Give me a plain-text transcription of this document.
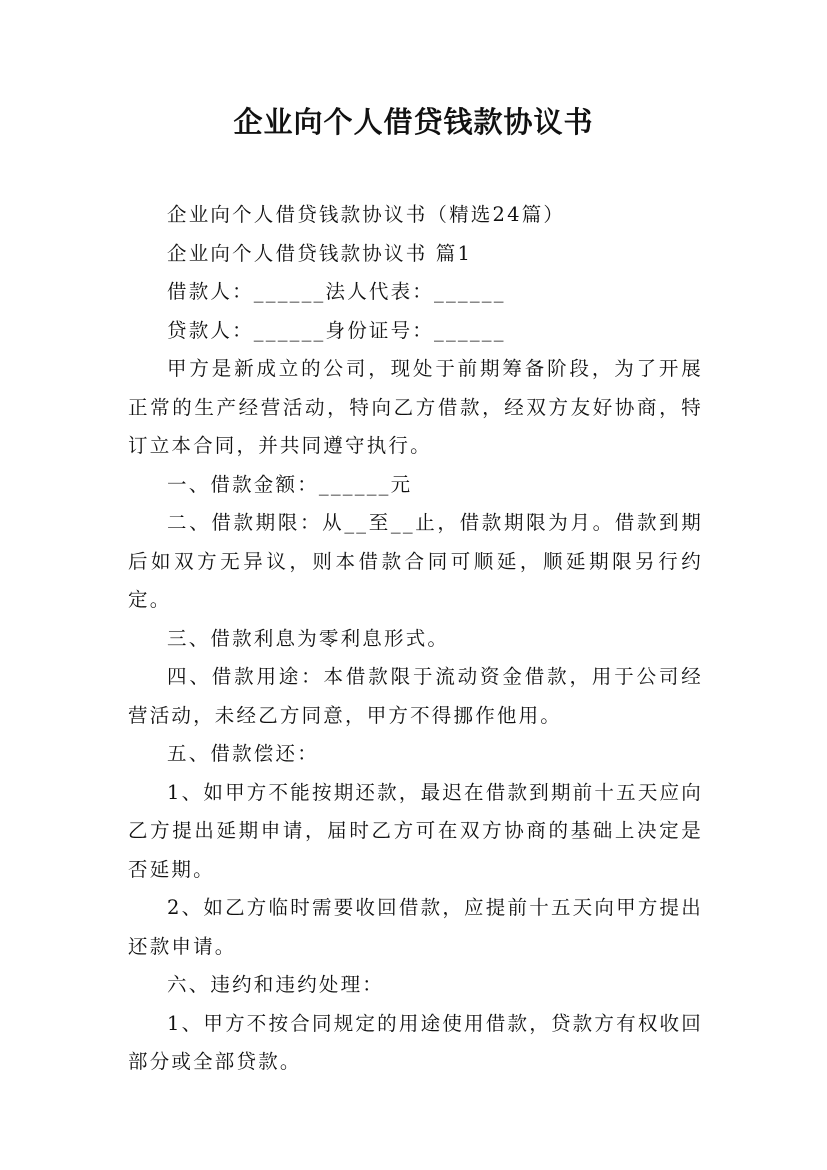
企业向个人借贷钱款协议书

企业向个人借贷钱款协议书（精选24篇）

企业向个人借贷钱款协议书 篇1

借款人：______法人代表：______

贷款人：______身份证号：______

甲方是新成立的公司，现处于前期筹备阶段，为了开展正常的生产经营活动，特向乙方借款，经双方友好协商，特订立本合同，并共同遵守执行。

一、借款金额：______元

二、借款期限：从__至__止，借款期限为月。借款到期后如双方无异议，则本借款合同可顺延，顺延期限另行约定。

三、借款利息为零利息形式。

四、借款用途：本借款限于流动资金借款，用于公司经营活动，未经乙方同意，甲方不得挪作他用。

五、借款偿还：

1、如甲方不能按期还款，最迟在借款到期前十五天应向乙方提出延期申请，届时乙方可在双方协商的基础上决定是否延期。

2、如乙方临时需要收回借款，应提前十五天向甲方提出还款申请。

六、违约和违约处理：

1、甲方不按合同规定的用途使用借款，贷款方有权收回部分或全部贷款。
